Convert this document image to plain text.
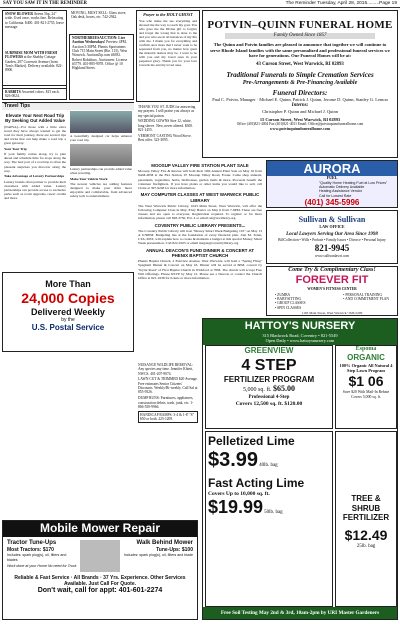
SAY YOU SAW IT IN THE REMINDER	The Reminder Tuesday, April 28, 2015.........Page 19

SNOW BLOWER Ariens 5hp, 24" wide. Used once, works fine. Relocating to California. $400. 401-821-2755, leave message.

SURPRISE MOM WITH FRESH FLOWERS at the Shabby Cottage Garden, 207 Cowesett Avenue (from Tom's Market). Delivery available. 822-8900.

RABBITS Assorted colors. $15 each. 826-0024.

MOVING, MUST SELL: Glass stove, Oak desk, boxes, etc. 742-2942.

NORTHERBEESAUCTION: Live Auction Wednesdays! Preview 4PM, Auction 5:30PM. Phenix Sportsmens Club 715 Main Street (Rte. 115), West Warwick. AuctionZip.com #6392. Robert Robidoux, Auctioneer. License #3779. 401-885-9078. Office @ 10 Highland Street.

Prayer to the HOLY GHOST

You who make me see everything and showed me the way to reach my goal. You who gave me the Divine gift to forgive and forget the wrong that is done to me and you who are in all instances of my life with me. I thank you for everything and confirm once more that I never want to be separated from you, no matter how great the material desires may be. I want to be with you and my loved ones in your perpetual glory. Thank you for your love towards me and my loved ones.

Travel Tips
Elevate Your Next Road Trip By Seeking Out Added Value

(NAPSA)—For those with a little extra travel they have always wanted to get the road for their journey, there are several tips and tricks that can help make a road trip a great getaway.

Your Tour Trip

If your family comes along, try to plan ahead and schedule time for stops along the way. The best part of a road trip is often the pleasant surprises you discover along the way.

Take Advantage of Luxury Partnerships

Luxury brands often partner to provide their customers with added value. Luxury partnerships can provide access to exclusive perks such as room upgrades, resort credits and more.

A beautifully designed car helps enhance your road trip.

Luxury partnerships can provide added value when traveling.

Make Your Vehicle Work

The newest vehicles are adding features designed to make your drive more enjoyable and comfortable, from advanced safety tech to entertainment.

More Than
24,000 Copies
Delivered Weekly
by the
U.S. Postal Service

THANK YOU ST. JUDE for answering my prayers. I will praise you always as my special patron.

WEDDING GOWNS Size 12, white, long sleeve. New, never altered. $300. 821-1455.

VERMONT CASTING Wood Stove. Best offer. 323-3095.

POTVIN–QUINN FUNERAL HOME
Family Owned Since 1857
The Quinn and Potvin families are pleased to announce that together we will continue to serve Rhode Island families with the same personalized and professional funeral services we have for generations. Our Funeral Homes will be at:
43 Curson Street, West Warwick, RI 02893
Traditional Funerals to Simple Cremation Services
Pre-Arrangements & Pre-Financing Available
Funeral Directors:
Paul C. Potvin, Manager · Michael E. Quinn, Patrick J. Quinn, Jerome D. Quinn, Stanley G. Lemon
Interns:
Christopher P. Quinn and Michael J. Quinn
15 Curson Street, West Warwick, RI 02893
Office (401)821-4004 Fax (401)821-4011 Email: Office@potvinquinnfuneralhome.com
www.potvinquinnfuneralhome.com
MOOSUP VALLEY FIRE STATION PLANT SALE

Moosup Valley Fire & Rescue will hold their 10th Annual Plant Sale on May 16 from 9AM-2PM at the Fire Station, 97 Moosup Valley Road, Foster. Come shop annuals, perennials, vegetables, herbs, birdhouses, garden items & more. Proceeds benefit the volunteer firefighters. If you have plants or other items you would like to sell, call Claire at 397-9248 for more information.

MAY COMPUTER CLASSES AT WEST WARWICK PUBLIC LIBRARY

The West Warwick Public Library, 1043 Main Street, West Warwick, will offer the following Computer Class in May. Ebay Basics on May 6 from 7-8PM. These are free classes and are open to everyone. Registration required. To register or for more information, please call 828-3750, Ext. 4 or email ref@wwlibrary.org.

COVENTRY PUBLIC LIBRARY PRESENTS...

The Coventry Public Library will host "Money Smart Week Budgeting 101" on May 13 at 6:30PM. Budgeting lies at the foundation of every financial plan. Join M. Tolen, CTA, MST, will explain how to create & maintain a budget at this special Money Smart Week presentation. Call 822-9105 or email megan@coventrylibrary.org

ANNUAL DEACON'S FUND DINNER & CONCERT AT PHENIX BAPTIST CHURCH

Phenix Baptist Church, 2 Fairview Avenue, West Warwick, will hold a "Spring Fling" Spaghetti Dinner & Concert on May 16. Dinner will be served at 6PM, concert by "Kyrie Road" of First Baptist Church in Wickford at 7PM. The church will accept Free Will Offerings. Please RSVP by May 12. Please see a Deacon or contact the Church Office at 821-1638 for tickets or more information.

NUISANCE WILDLIFE REMOVAL: Any species any time. Jennifer Khieri, NWCS. 401-207-9074.

LAWN CUT & TRIMMED $20 Average. Free estimates Senior Citizens' Discounts. Weekly/Bi-weekly. Call Sal at 855-9526.

DUMP RUNS: Furnitures, appliances, construction debris, trash, junk, etc. 1-866-550-9966.

HANDICAP RAMPS: 3-4 & 1-8' "S" $50 or both. 225-1209.

AURORA
FUEL
"Quality Home Heating Fuel at Low Prices"
Automatic Delivery Available
Heating Assistance Vendor
Call for Lowest Rate
(401) 345-5996
Sullivan & Sullivan
LAW OFFICE
Local Lawyers Serving Our Area Since 1998
BillCollection • Wills • Probate • Family Issues • Divorce • Personal Injury
821-9945
www.sullivanlawri.com
Come Try & Complimentary Class!
FOREVER FIT
WOMEN'S FITNESS CENTER
• ZUMBA
• BABYSITTING
• GROUP CLASSES
• SPIN CLASSES
• PERSONAL TRAINING
• AND COMMITMENT PLAN
1165 Main Street, West Warwick • 826-5209
HATTOY'S NURSERY
315 Blackrock Road, Coventry • 821-5549
Open Daily • www.hattoysnursery.com
GREENVIEW
4 STEP
FERTILIZER PROGRAM
5,000 sq. ft. $65.00
Professional 4-Step
Covers 12,500 sq. ft. $120.00
Espoma
ORGANIC
100% Organic All Natural 4 Step Lawn Program
$1 06
Save $20 With Mail-In Rebate
Covers 5,000 sq. ft.
Pelletized Lime
$3.99 40lb. bag
Fast Acting Lime
Covers Up to 10,000 sq. ft.
$19.99 50lb. bag
TREE & SHRUB FERTILIZER
$12.49
25lb. bag
Free Soil Testing May 2nd & 3rd, 10am-2pm by URI Master Gardeners
Mobile Mower Repair
Tractor Tune-Ups
Most Tractors: $170
Includes: spark plug(s), oil, filters and blades
Work done at your Home No need for Truck
Walk Behind Mower
Tune-Ups: $100
Includes: spark plug(s), oil, filters and blade
Reliable & Fast Service · All Brands · 37 Yrs. Experience. Other Services Available. Just Call For Quote.
Don't wait, call for appt: 401-601-2274
